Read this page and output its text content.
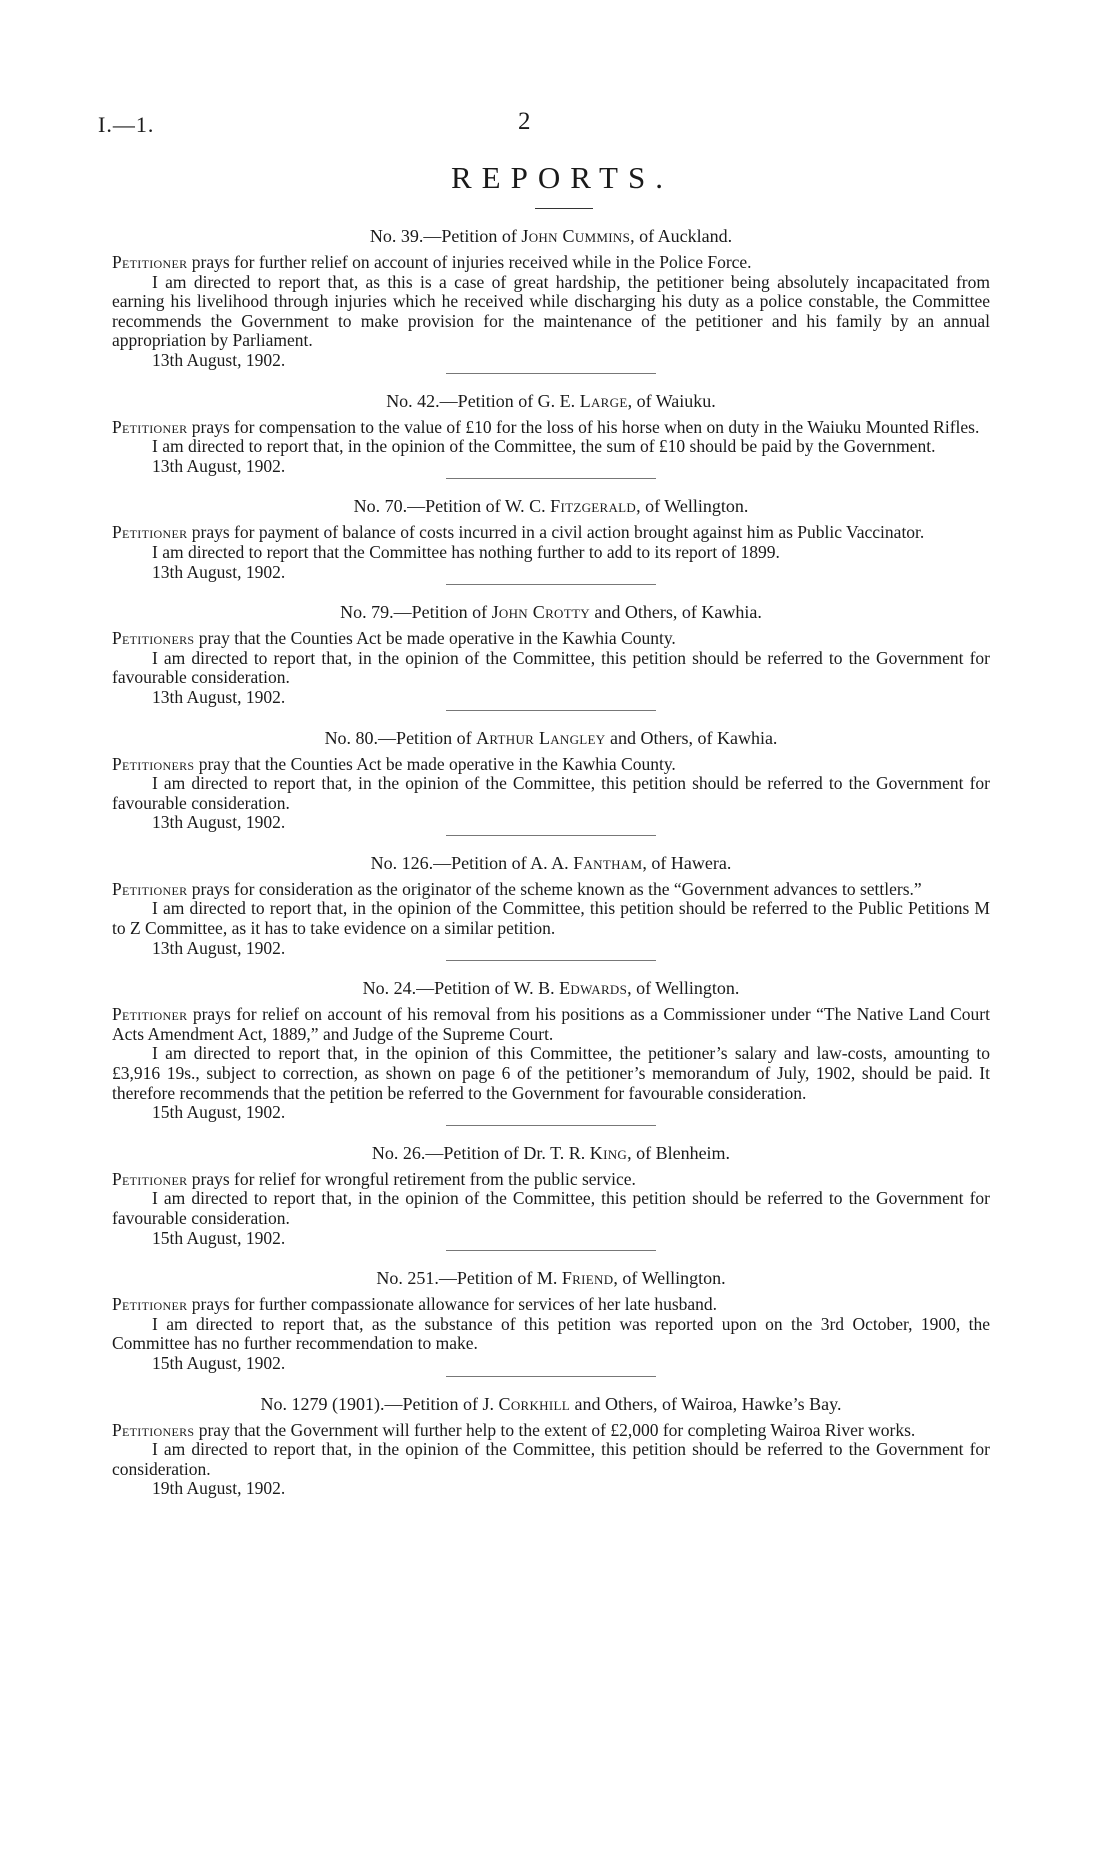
I.—1.	2
REPORTS.

No. 39.—Petition of John Cummins, of Auckland.

Petitioner prays for further relief on account of injuries received while in the Police Force.

I am directed to report that, as this is a case of great hardship, the petitioner being absolutely incapacitated from earning his livelihood through injuries which he received while discharging his duty as a police constable, the Committee recommends the Government to make provision for the maintenance of the petitioner and his family by an annual appropriation by Parliament.

13th August, 1902.

No. 42.—Petition of G. E. Large, of Waiuku.

Petitioner prays for compensation to the value of £10 for the loss of his horse when on duty in the Waiuku Mounted Rifles.

I am directed to report that, in the opinion of the Committee, the sum of £10 should be paid by the Government.

13th August, 1902.

No. 70.—Petition of W. C. Fitzgerald, of Wellington.

Petitioner prays for payment of balance of costs incurred in a civil action brought against him as Public Vaccinator.

I am directed to report that the Committee has nothing further to add to its report of 1899.

13th August, 1902.

No. 79.—Petition of John Crotty and Others, of Kawhia.

Petitioners pray that the Counties Act be made operative in the Kawhia County.

I am directed to report that, in the opinion of the Committee, this petition should be referred to the Government for favourable consideration.

13th August, 1902.

No. 80.—Petition of Arthur Langley and Others, of Kawhia.

Petitioners pray that the Counties Act be made operative in the Kawhia County.

I am directed to report that, in the opinion of the Committee, this petition should be referred to the Government for favourable consideration.

13th August, 1902.

No. 126.—Petition of A. A. Fantham, of Hawera.

Petitioner prays for consideration as the originator of the scheme known as the “Government advances to settlers.”

I am directed to report that, in the opinion of the Committee, this petition should be referred to the Public Petitions M to Z Committee, as it has to take evidence on a similar petition.

13th August, 1902.

No. 24.—Petition of W. B. Edwards, of Wellington.

Petitioner prays for relief on account of his removal from his positions as a Commissioner under “The Native Land Court Acts Amendment Act, 1889,” and Judge of the Supreme Court.

I am directed to report that, in the opinion of this Committee, the petitioner’s salary and law-costs, amounting to £3,916 19s., subject to correction, as shown on page 6 of the petitioner’s memorandum of July, 1902, should be paid. It therefore recommends that the petition be referred to the Government for favourable consideration.

15th August, 1902.

No. 26.—Petition of Dr. T. R. King, of Blenheim.

Petitioner prays for relief for wrongful retirement from the public service.

I am directed to report that, in the opinion of the Committee, this petition should be referred to the Government for favourable consideration.

15th August, 1902.

No. 251.—Petition of M. Friend, of Wellington.

Petitioner prays for further compassionate allowance for services of her late husband.

I am directed to report that, as the substance of this petition was reported upon on the 3rd October, 1900, the Committee has no further recommendation to make.

15th August, 1902.

No. 1279 (1901).—Petition of J. Corkhill and Others, of Wairoa, Hawke’s Bay.

Petitioners pray that the Government will further help to the extent of £2,000 for completing Wairoa River works.

I am directed to report that, in the opinion of the Committee, this petition should be referred to the Government for consideration.

19th August, 1902.
